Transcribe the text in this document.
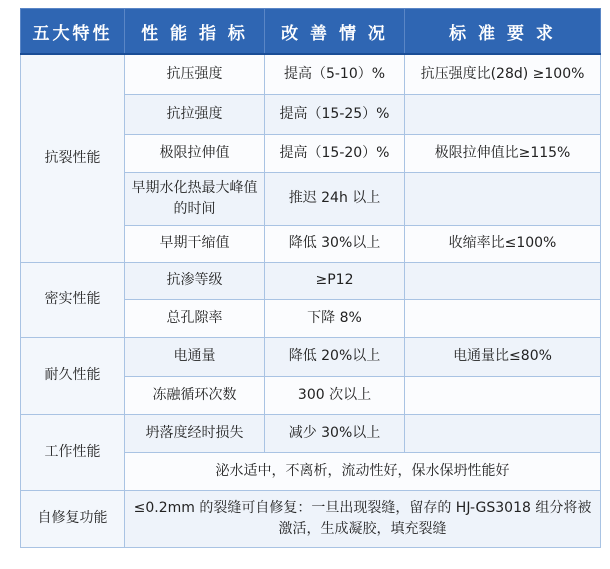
五大特性	性 能 指 标	改 善 情 况	标 准 要 求
抗裂性能	抗压强度	提高（5-10）%	抗压强度比(28d) ≥100%
	抗拉强度	提高（15-25）%	
	极限拉伸值	提高（15-20）%	极限拉伸值比≥115%
	早期水化热最大峰值的时间	推迟 24h 以上	
	早期干缩值	降低 30%以上	收缩率比≤100%
密实性能	抗渗等级	≥P12	
	总孔隙率	下降 8%	
耐久性能	电通量	降低 20%以上	电通量比≤80%
	冻融循环次数	300 次以上	
工作性能	坍落度经时损失	减少 30%以上	
	泌水适中，不离析，流动性好，保水保坍性能好		
自修复功能	≤0.2mm 的裂缝可自修复：一旦出现裂缝，留存的 HJ-GS3018 组分将被激活，生成凝胶，填充裂缝		
